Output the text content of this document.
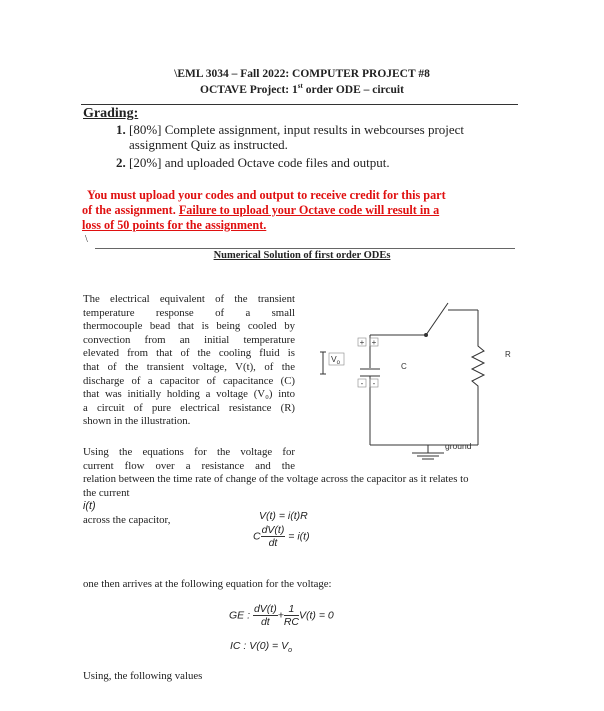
\EML 3034 – Fall 2022: COMPUTER PROJECT #8
OCTAVE Project: 1st order ODE – circuit
Grading:
1. [80%] Complete assignment, input results in webcourses project assignment Quiz as instructed.
2. [20%] and uploaded Octave code files and output.
You must upload your codes and output to receive credit for this part
of the assignment. Failure to upload your Octave code will result in a
loss of 50 points for the assignment.
\
Numerical Solution of first order ODEs
The electrical equivalent of the transient
temperature response of a small
thermocouple bead that is being cooled by
convection from an initial temperature
elevated from that of the cooling fluid is
that of the transient voltage, V(t), of the
discharge of a capacitor of capacitance (C)
that was initially holding a voltage (V₀) into
a circuit of pure electrical resistance (R)
shown in the illustration.
+ +
- -
$V_o$	C
R
ground
Using the equations for the voltage for
current flow over a resistance and the
relation between the time rate of change of the voltage across the capacitor as it relates to
the current
i(t)
across the capacitor,	V(t) = i(t)R
C $\frac{dV(t)}{dt} = i(t)$
one then arrives at the following equation for the voltage:
GE : $\frac{dV(t)}{dt} + \frac{1}{RC} V(t) = 0$
IC : $V(0) = V_o$
Using, the following values
